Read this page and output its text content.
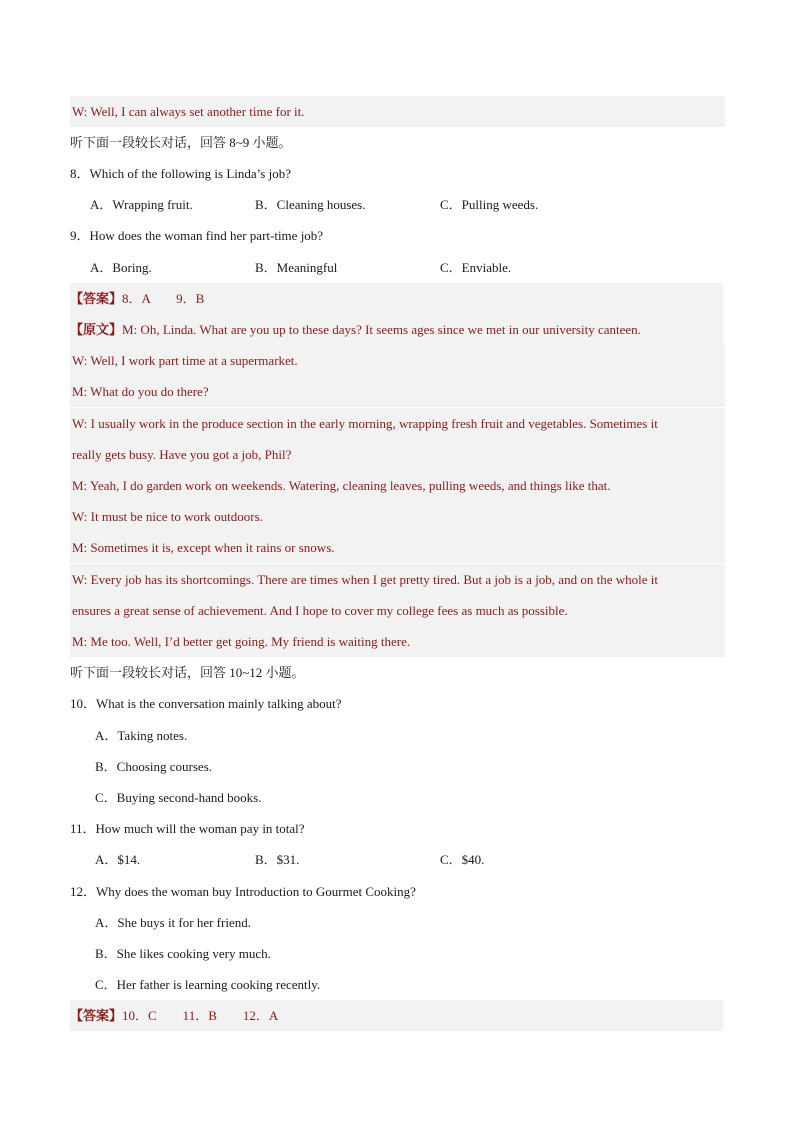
W: Well, I can always set another time for it.
听下面一段较长对话，回答 8~9 小题。
8．Which of the following is Linda’s job?
A．Wrapping fruit.	B．Cleaning houses.	C．Pulling weeds.
9．How does the woman find her part-time job?
A．Boring.	B．Meaningful	C．Enviable.
【答案】8．A　　9．B
【原文】M: Oh, Linda. What are you up to these days? It seems ages since we met in our university canteen.
W: Well, I work part time at a supermarket.
M: What do you do there?
W: I usually work in the produce section in the early morning, wrapping fresh fruit and vegetables. Sometimes it
really gets busy. Have you got a job, Phil?
M: Yeah, I do garden work on weekends. Watering, cleaning leaves, pulling weeds, and things like that.
W: It must be nice to work outdoors.
M: Sometimes it is, except when it rains or snows.
W: Every job has its shortcomings. There are times when I get pretty tired. But a job is a job, and on the whole it
ensures a great sense of achievement. And I hope to cover my college fees as much as possible.
M: Me too. Well, I’d better get going. My friend is waiting there.
听下面一段较长对话，回答 10~12 小题。
10．What is the conversation mainly talking about?
A．Taking notes.
B．Choosing courses.
C．Buying second-hand books.
11．How much will the woman pay in total?
A．$14.	B．$31.	C．$40.
12．Why does the woman buy Introduction to Gourmet Cooking?
A．She buys it for her friend.
B．She likes cooking very much.
C．Her father is learning cooking recently.
【答案】10．C　　11．B　　12．A
